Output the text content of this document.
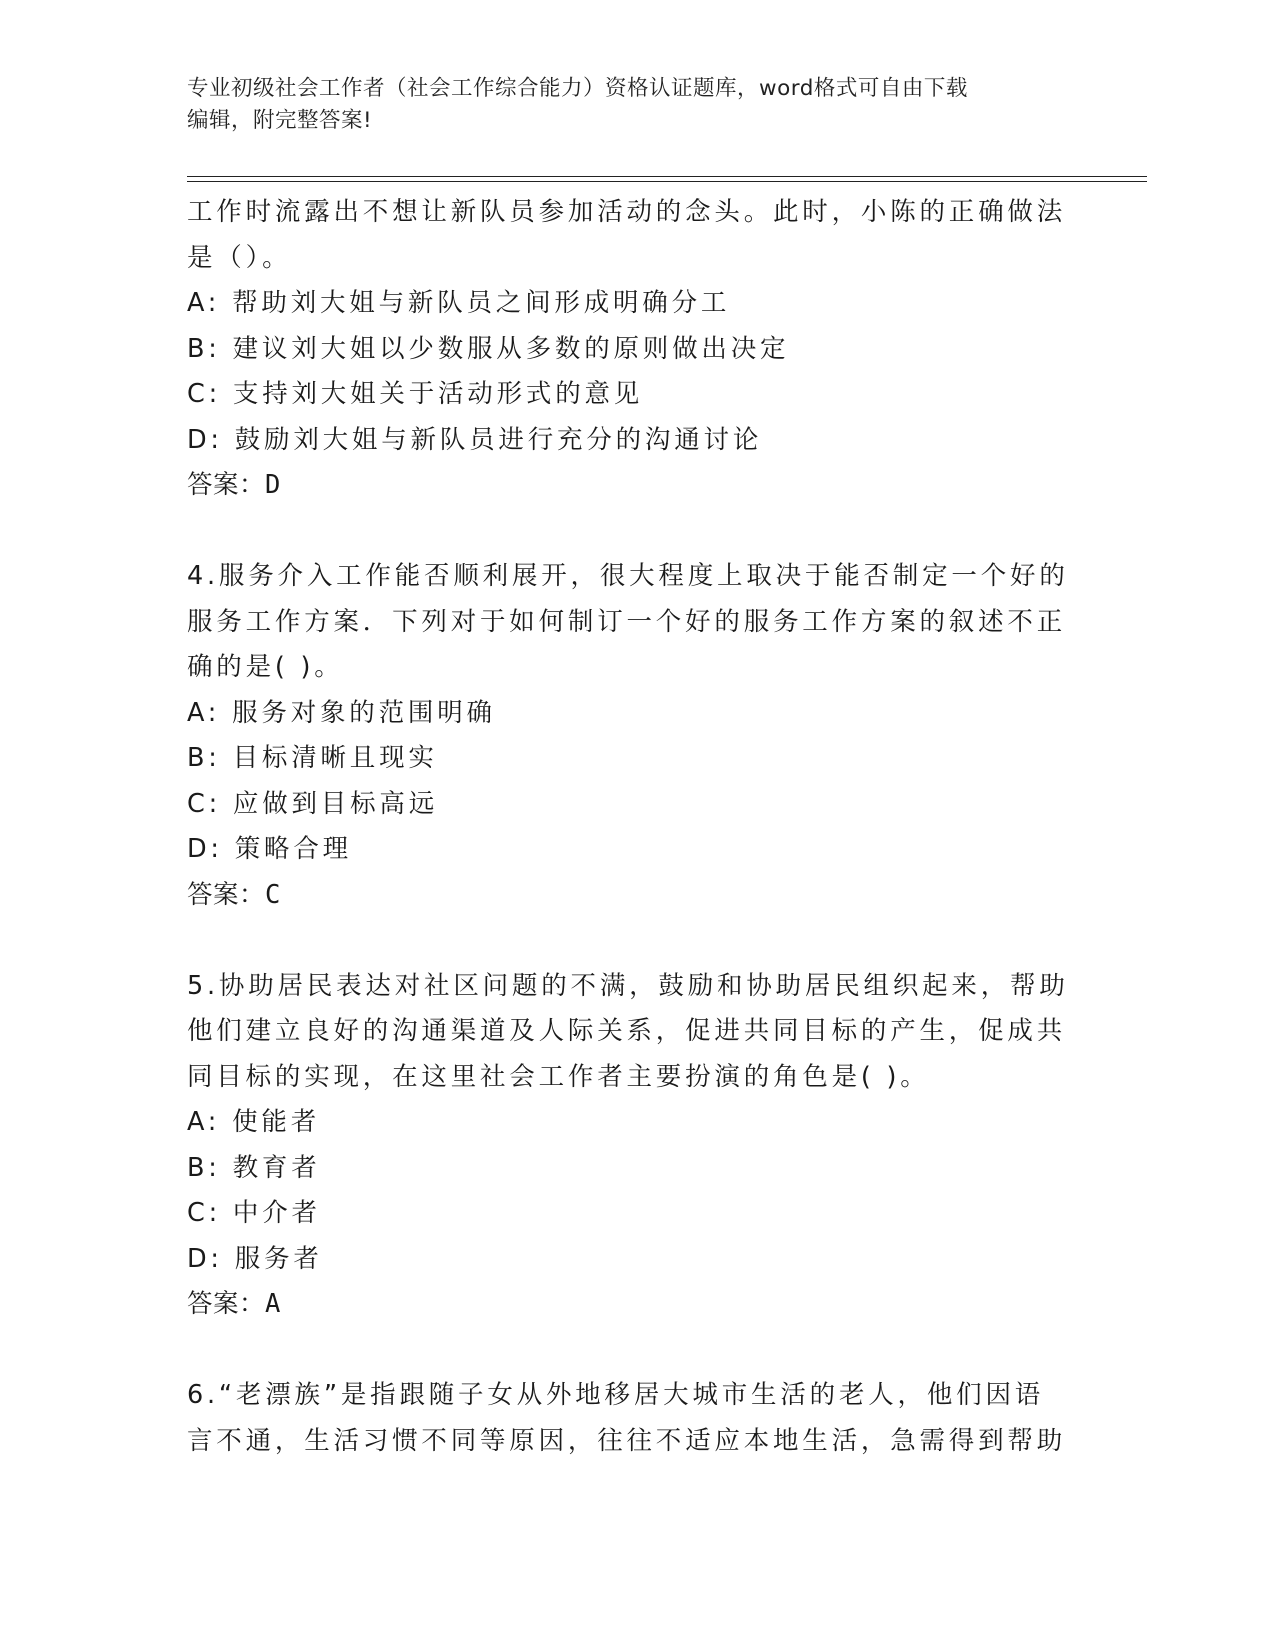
专业初级社会工作者（社会工作综合能力）资格认证题库，word格式可自由下载
编辑，附完整答案!
工作时流露出不想让新队员参加活动的念头。此时，小陈的正确做法
是（）。
A: 帮助刘大姐与新队员之间形成明确分工
B: 建议刘大姐以少数服从多数的原则做出决定
C: 支持刘大姐关于活动形式的意见
D: 鼓励刘大姐与新队员进行充分的沟通讨论
答案：D
4.服务介入工作能否顺利展开，很大程度上取决于能否制定一个好的
服务工作方案．下列对于如何制订一个好的服务工作方案的叙述不正
确的是( )。
A: 服务对象的范围明确
B: 目标清晰且现实
C: 应做到目标高远
D: 策略合理
答案：C
5.协助居民表达对社区问题的不满，鼓励和协助居民组织起来，帮助
他们建立良好的沟通渠道及人际关系，促进共同目标的产生，促成共
同目标的实现，在这里社会工作者主要扮演的角色是( )。
A: 使能者
B: 教育者
C: 中介者
D: 服务者
答案：A
6.“老漂族”是指跟随子女从外地移居大城市生活的老人，他们因语
言不通，生活习惯不同等原因，往往不适应本地生活，急需得到帮助
